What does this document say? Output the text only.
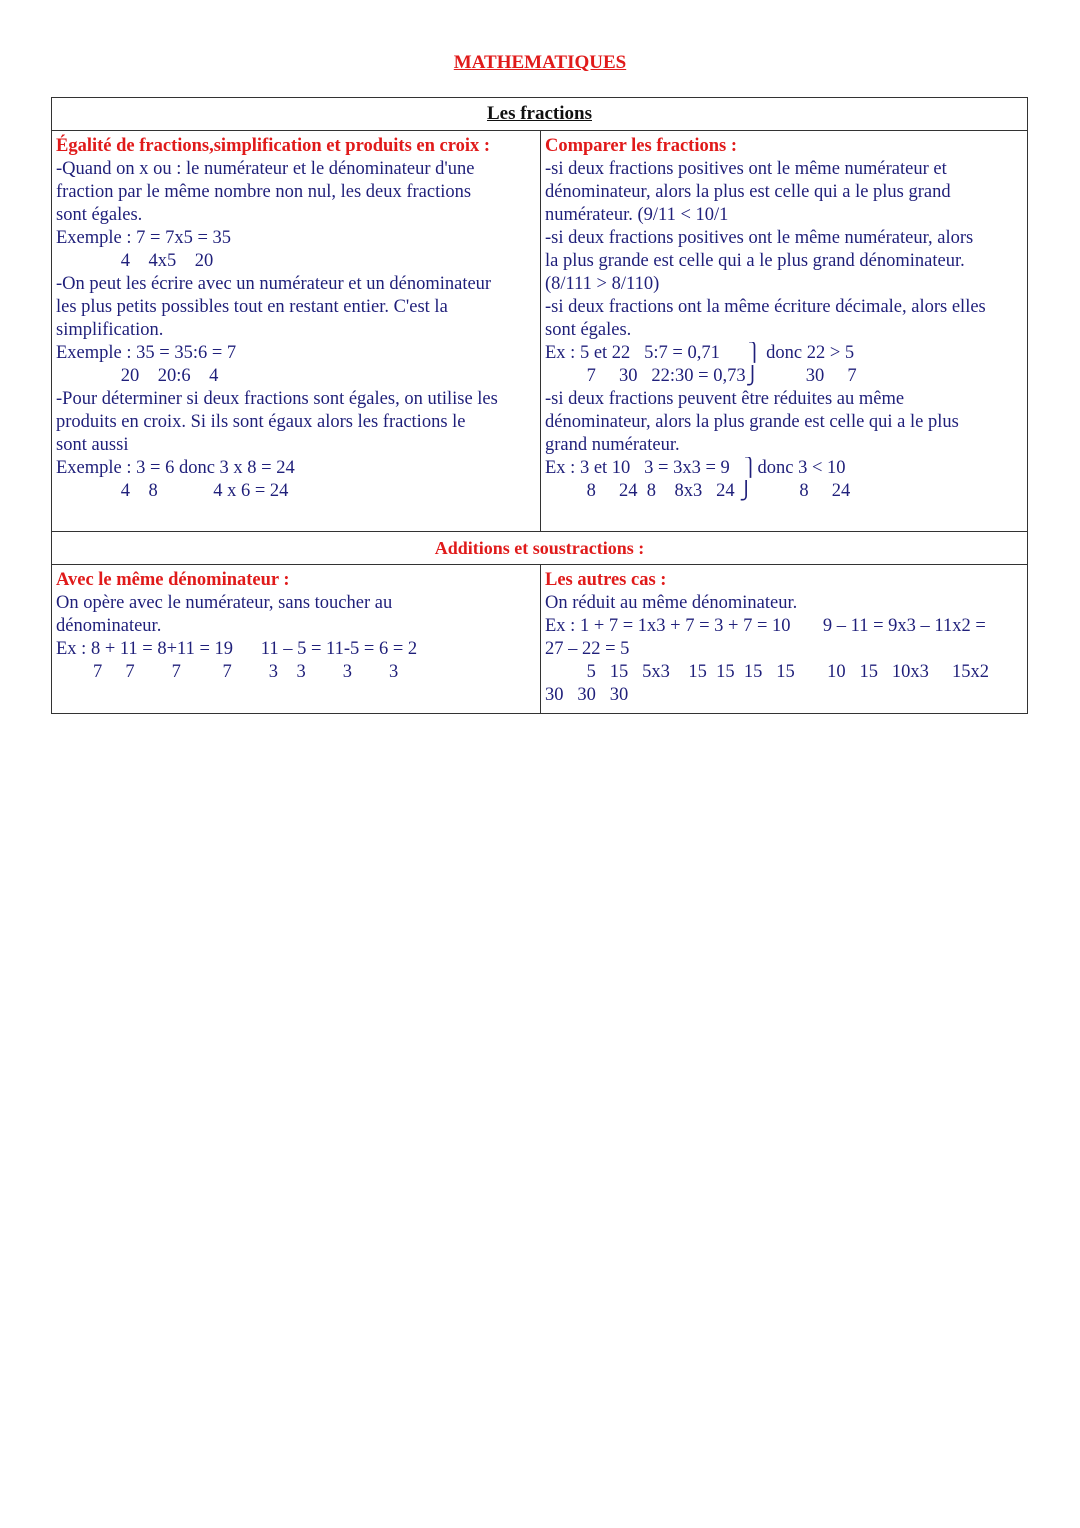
MATHEMATIQUES
Les fractions
Égalité de fractions,simplification et produits en croix :
-Quand on x ou : le numérateur et le dénominateur d'une
fraction par le même nombre non nul, les deux fractions
sont égales.
Exemple : 7 = 7x5 = 35
4    4x5    20
-On peut les écrire avec un numérateur et un dénominateur
les plus petits possibles tout en restant entier. C'est la
simplification.
Exemple : 35 = 35:6 = 7
20    20:6    4
-Pour déterminer si deux fractions sont égales, on utilise les
produits en croix. Si ils sont égaux alors les fractions le
sont aussi
Exemple : 3 = 6 donc 3 x 8 = 24
4    8            4 x 6 = 24
Comparer les fractions :
-si deux fractions positives ont le même numérateur et
dénominateur, alors la plus est celle qui a le plus grand
numérateur. (9/11 < 10/1
-si deux fractions positives ont le même numérateur, alors
la plus grande est celle qui a le plus grand dénominateur.
(8/111 > 8/110)
-si deux fractions ont la même écriture décimale, alors elles
sont égales.
Ex : 5 et 22   5:7 = 0,71      ⎫ donc 22 > 5
7     30   22:30 = 0,73⎭          30     7
-si deux fractions peuvent être réduites au même
dénominateur, alors la plus grande est celle qui a le plus
grand numérateur.
Ex : 3 et 10   3 = 3x3 = 9   ⎫donc 3 < 10
8     24  8    8x3   24 ⎭          8     24
Additions et soustractions :
Avec le même dénominateur :
On opère avec le numérateur, sans toucher au
dénominateur.
Ex : 8 + 11 = 8+11 = 19      11 – 5 = 11-5 = 6 = 2
7     7        7         7        3    3        3        3
Les autres cas :
On réduit au même dénominateur.
Ex : 1 + 7 = 1x3 + 7 = 3 + 7 = 10       9 – 11 = 9x3 – 11x2 =
27 – 22 = 5
5   15   5x3    15  15  15   15       10   15   10x3     15x2
30   30   30
